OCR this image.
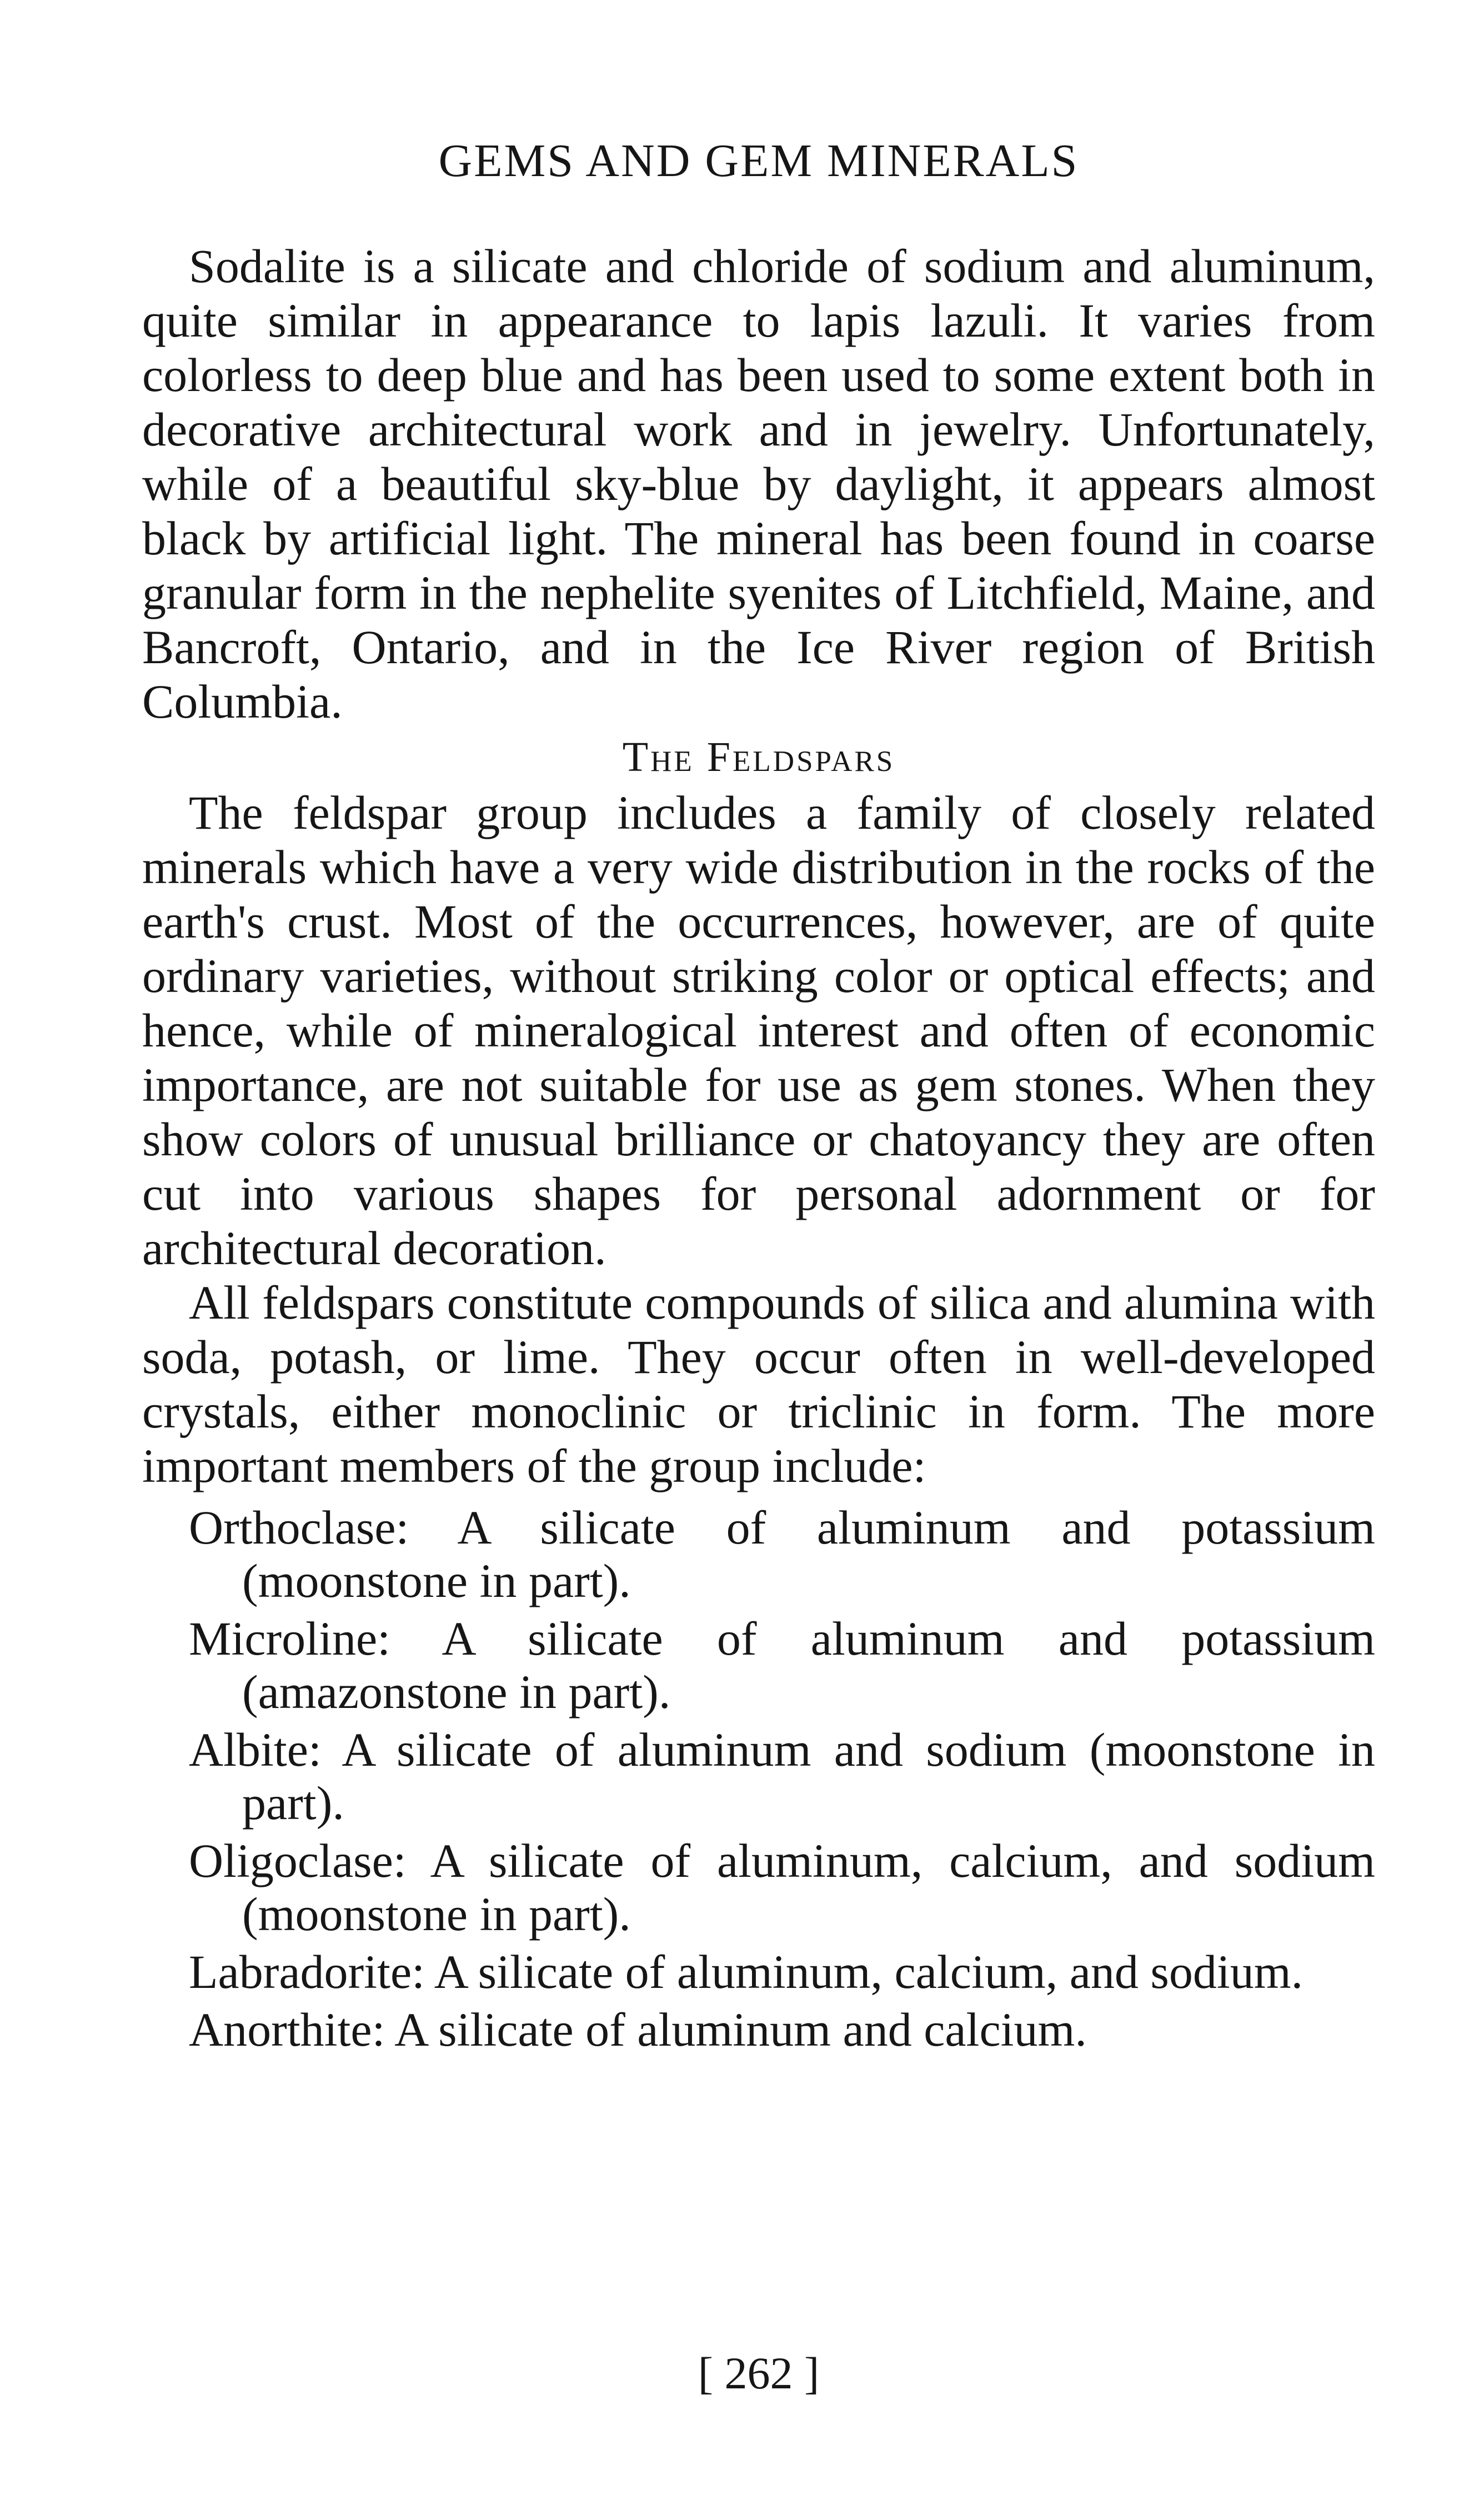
GEMS AND GEM MINERALS

Sodalite is a silicate and chloride of sodium and aluminum, quite similar in appearance to lapis lazuli. It varies from colorless to deep blue and has been used to some extent both in decorative architectural work and in jewelry. Unfortunately, while of a beautiful sky-blue by daylight, it appears almost black by artificial light. The mineral has been found in coarse granular form in the nephelite syenites of Litchfield, Maine, and Bancroft, Ontario, and in the Ice River region of British Columbia.

The Feldspars

The feldspar group includes a family of closely related minerals which have a very wide distribution in the rocks of the earth's crust. Most of the occurrences, however, are of quite ordinary varieties, without striking color or optical effects; and hence, while of mineralogical interest and often of economic importance, are not suitable for use as gem stones. When they show colors of unusual brilliance or chatoyancy they are often cut into various shapes for personal adornment or for architectural decoration.

All feldspars constitute compounds of silica and alumina with soda, potash, or lime. They occur often in well-developed crystals, either monoclinic or triclinic in form. The more important members of the group include:

Orthoclase: A silicate of aluminum and potassium (moonstone in part).
Microline: A silicate of aluminum and potassium (amazonstone in part).
Albite: A silicate of aluminum and sodium (moonstone in part).
Oligoclase: A silicate of aluminum, calcium, and sodium (moonstone in part).
Labradorite: A silicate of aluminum, calcium, and sodium.
Anorthite: A silicate of aluminum and calcium.
[ 262 ]
